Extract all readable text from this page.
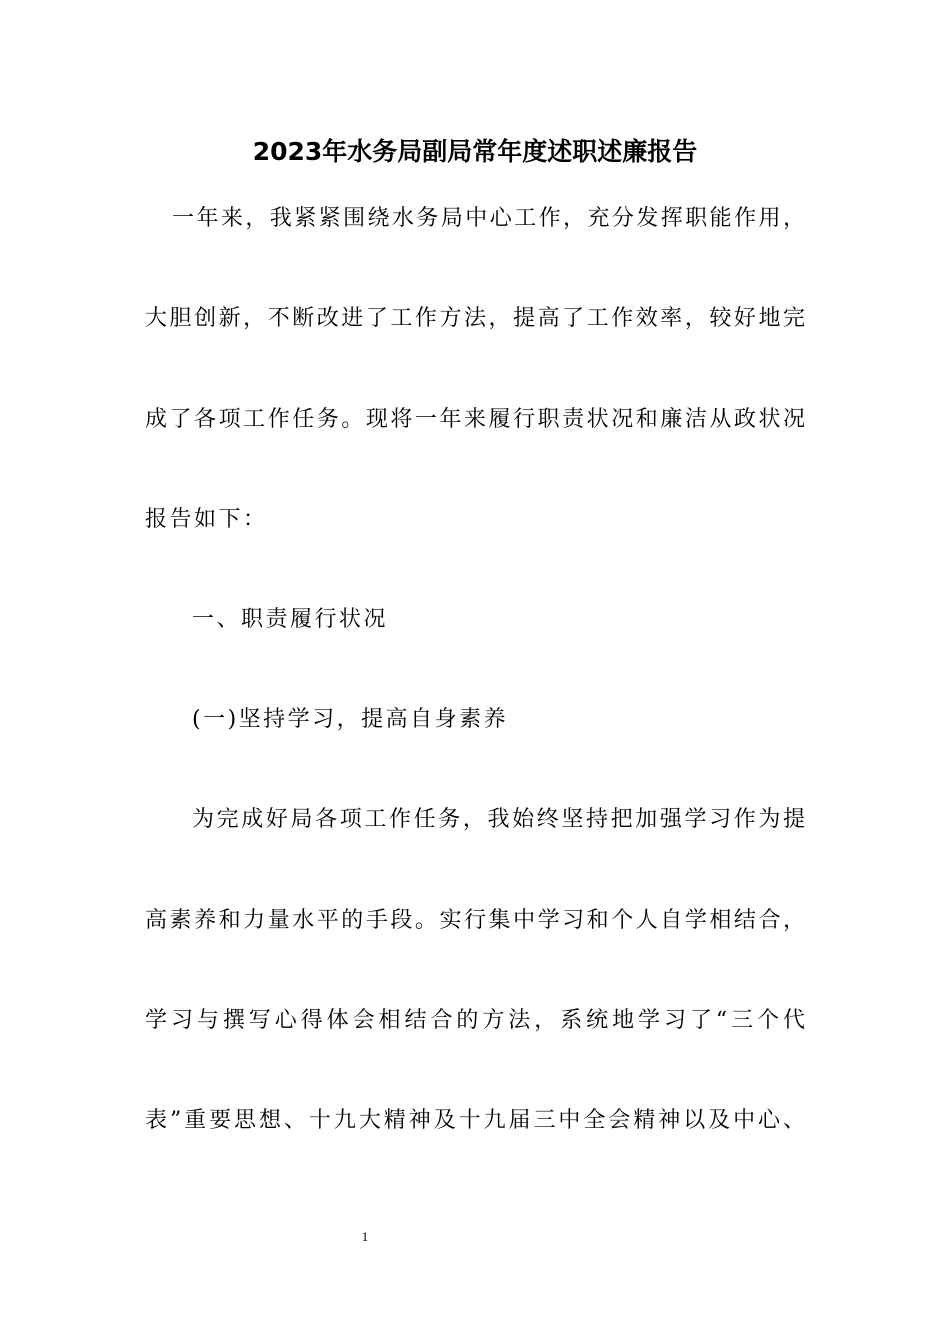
2023年水务局副局常年度述职述廉报告
一年来，我紧紧围绕水务局中心工作，充分发挥职能作用，
大胆创新，不断改进了工作方法，提高了工作效率，较好地完
成了各项工作任务。现将一年来履行职责状况和廉洁从政状况
报告如下：
一、职责履行状况
(一)坚持学习，提高自身素养
为完成好局各项工作任务，我始终坚持把加强学习作为提
高素养和力量水平的手段。实行集中学习和个人自学相结合，
学习与撰写心得体会相结合的方法，系统地学习了“三个代
表”重要思想、十九大精神及十九届三中全会精神以及中心、
1
